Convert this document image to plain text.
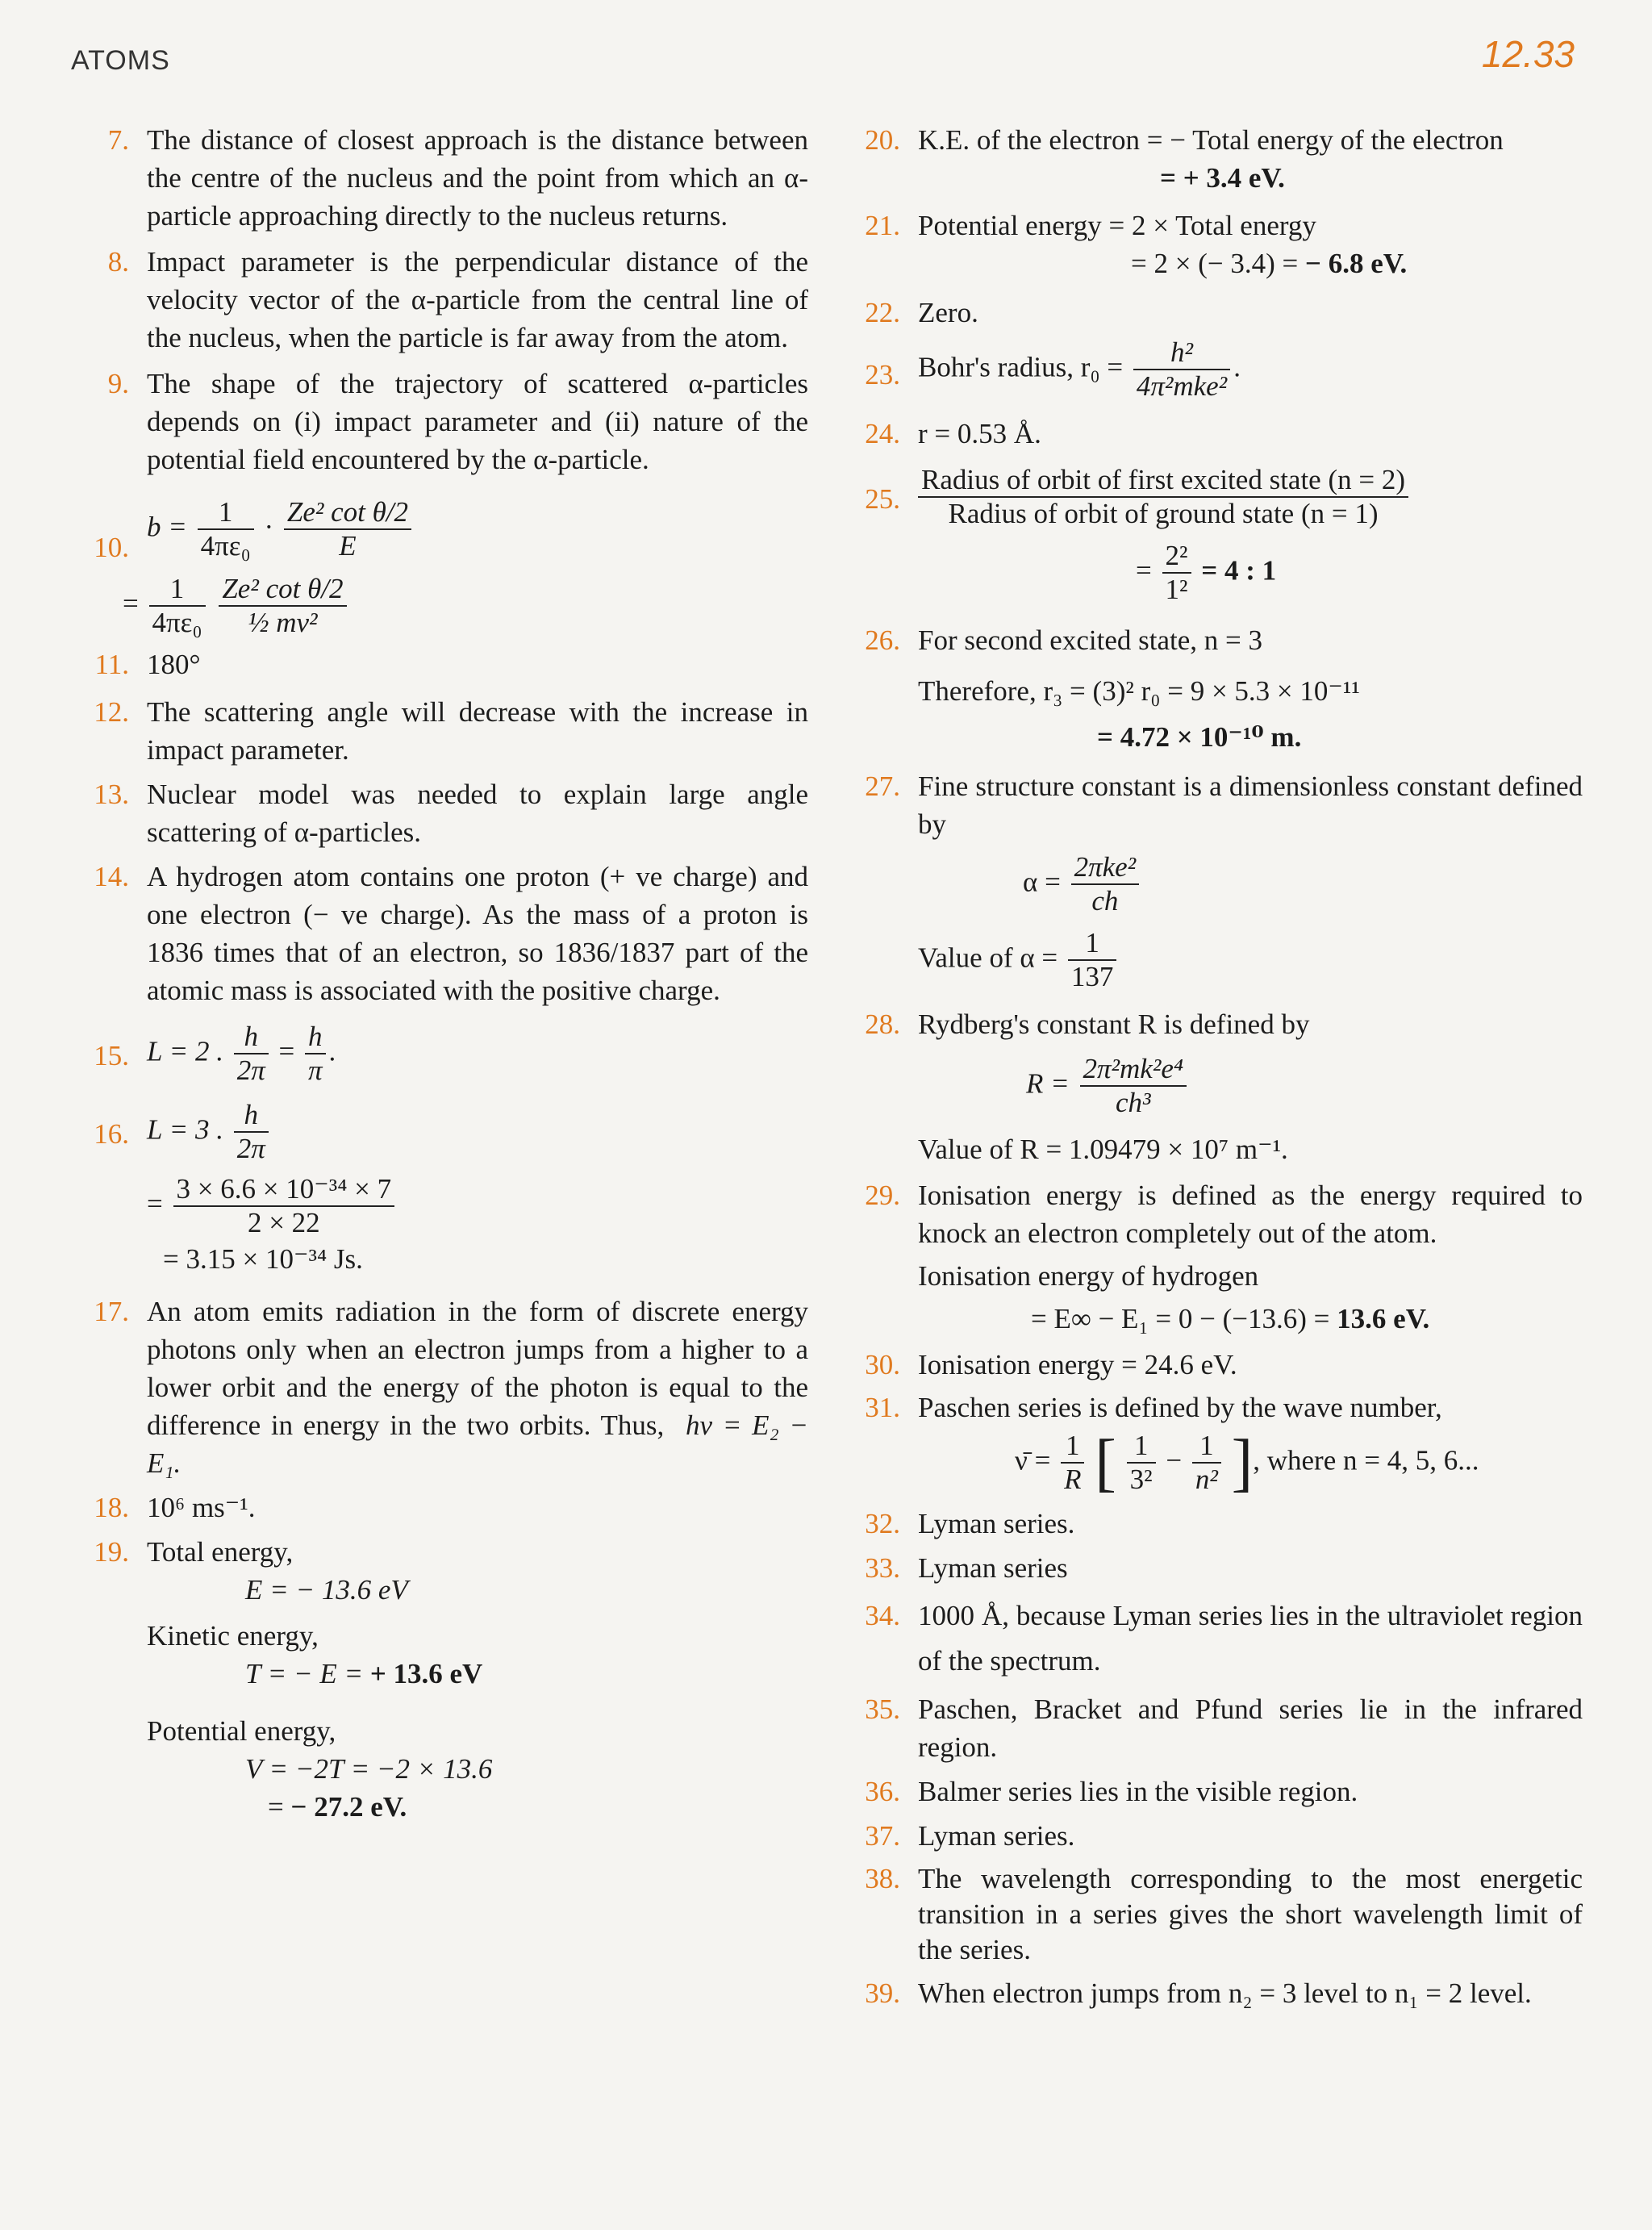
ATOMS	12.33
7. The distance of closest approach is the distance between the centre of the nucleus and the point from which an α-particle approaching directly to the nucleus returns.
8. Impact parameter is the perpendicular distance of the velocity vector of the α-particle from the central line of the nucleus, when the particle is far away from the atom.
9. The shape of the trajectory of scattered α-particles depends on (i) impact parameter and (ii) nature of the potential field encountered by the α-particle.
10.
$b = \frac{1}{\text{4πε₀}} \cdot \frac{\text{Ze² cot θ/2}}{E}$
= $\frac{1}{\text{4πε₀}}$
$\frac{\text{Ze² cot θ/2}}{\text{½ mv²}}$
11. 180°
12. The scattering angle will decrease with the increase in impact parameter.
13. Nuclear model was needed to explain large angle scattering of α-particles.
14. A hydrogen atom contains one proton (+ ve charge) and one electron (− ve charge). As the mass of a proton is 1836 times that of an electron, so 1836/1837 part of the atomic mass is associated with the positive charge.
15. L = 2 . $\frac{h}{2\pi} = \frac{h}{\pi}$ .
16. L = 3 . $\frac{h}{2\pi}$
= $\frac{\text{3 × 6.6 × 10⁻³⁴ × 7}}{2 \times 22}$
= 3.15 × 10⁻³⁴ Js.
17. An atom emits radiation in the form of discrete energy photons only when an electron jumps from a higher to a lower orbit and the energy of the photon is equal to the difference in energy in the two orbits. Thus, hν = E₂ − E₁.
18. 10⁶ ms⁻¹.
19. Total energy,
E = − 13.6 eV
Kinetic energy,
T = − E = + 13.6 eV
Potential energy,
V = −2T = −2 × 13.6
= − 27.2 eV.
20. K.E. of the electron = − Total energy of the electron
= + 3.4 eV.
21. Potential energy = 2 × Total energy
= 2 × (− 3.4) = − 6.8 eV.
22. Zero.
23. Bohr's radius, $r_0 = \frac{\text{h²}}{\text{4π²mke²}}$ .
24. r = 0.53 Å.
25. $\frac{\text{Radius of orbit of first excited state (n = 2)}}{\text{Radius of orbit of ground state (n = 1)}}$
= $\frac{\text{2²}}{\text{1²}} = 4$ : 1
26. For second excited state, n = 3
Therefore, r₃ = (3)² r₀ = 9 × 5.3 × 10⁻¹¹
= 4.72 × 10⁻¹⁰ m.
27. Fine structure constant is a dimensionless constant defined by
$\alpha = \frac{\text{2πke²}}{ch}$
Value of $\alpha = \frac{1}{137}$
28. Rydberg's constant R is defined by
$R = \frac{\text{2π²mk²e⁴}}{\text{ch³}}$
Value of R = 1.09479 × 10⁷ m⁻¹.
29. Ionisation energy is defined as the energy required to knock an electron completely out of the atom.
Ionisation energy of hydrogen
= E∞ − E₁ = 0 − (−13.6) = 13.6 eV.
30. Ionisation energy = 24.6 eV.
31. Paschen series is defined by the wave number,
ν̄ = $\frac{1}{R}$ [ $\frac{1}{\text{3²}} - \frac{1}{\text{n²}}$ ], where n = 4, 5, 6...
32. Lyman series.
33. Lyman series
34. 1000 Å, because Lyman series lies in the ultraviolet region of the spectrum.
35. Paschen, Bracket and Pfund series lie in the infrared region.
36. Balmer series lies in the visible region.
37. Lyman series.
38. The wavelength corresponding to the most energetic transition in a series gives the short wavelength limit of the series.
39. When electron jumps from n₂ = 3 level to n₁ = 2 level.
